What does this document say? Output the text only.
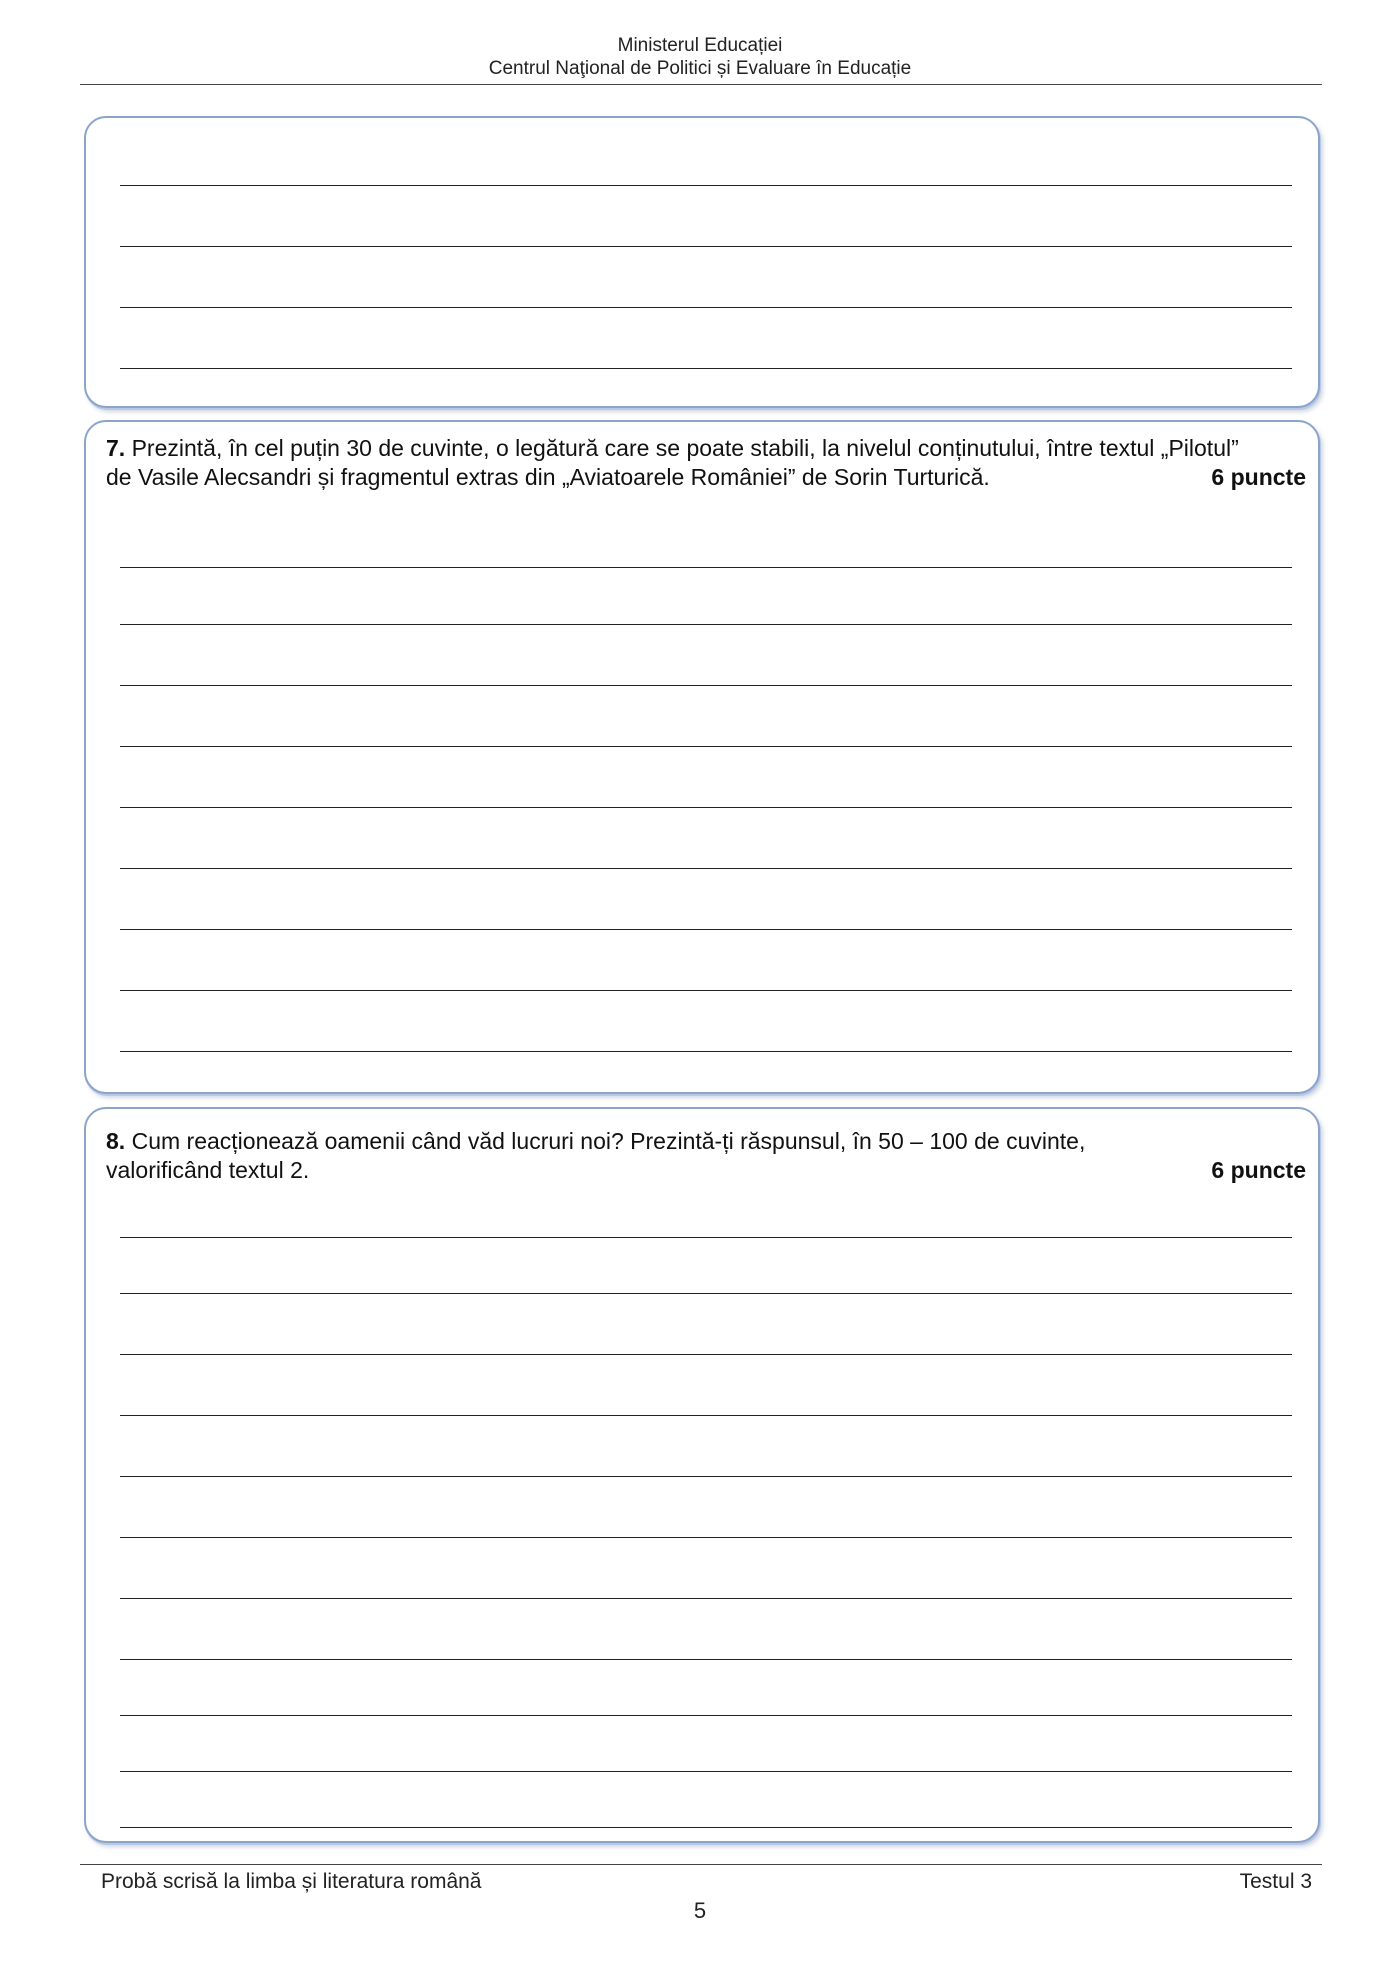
Ministerul Educației
Centrul Naţional de Politici și Evaluare în Educație
7. Prezintă, în cel puțin 30 de cuvinte, o legătură care se poate stabili, la nivelul conținutului, între textul „Pilotul”
de Vasile Alecsandri și fragmentul extras din „Aviatoarele României” de Sorin Turturică.	6 puncte
8. Cum reacționează oamenii când văd lucruri noi? Prezintă-ți răspunsul, în 50 – 100 de cuvinte,
valorificând textul 2.	6 puncte
Probă scrisă la limba și literatura română	Testul 3
5
